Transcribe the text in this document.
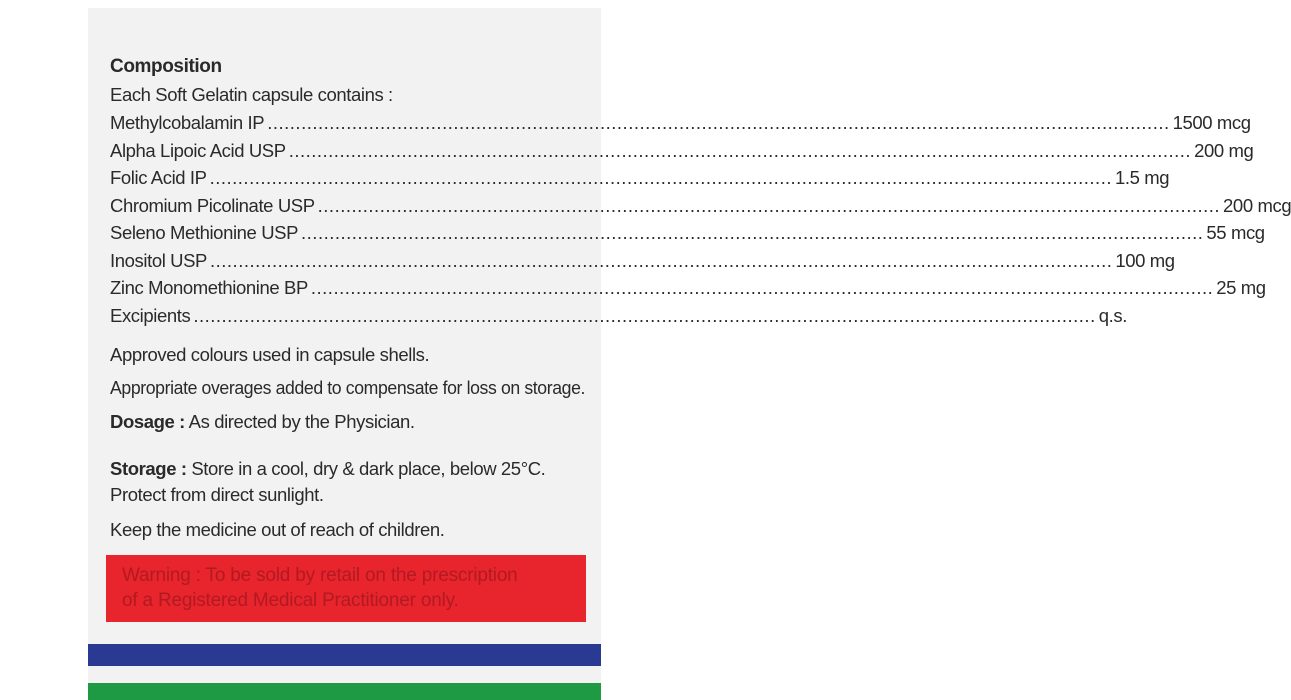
Composition
Each Soft Gelatin capsule contains :
Methylcobalamin IP ................................................................................................................................................................ 1500 mcg
Alpha Lipoic Acid USP ................................................................................................................................................................ 200 mg
Folic Acid IP ................................................................................................................................................................ 1.5 mg
Chromium Picolinate USP ................................................................................................................................................................ 200 mcg
Seleno Methionine USP ................................................................................................................................................................ 55 mcg
Inositol USP ................................................................................................................................................................ 100 mg
Zinc Monomethionine BP ................................................................................................................................................................ 25 mg
Excipients ................................................................................................................................................................ q.s.
Approved colours used in capsule shells.
Appropriate overages added to compensate for loss on storage.
Dosage : As directed by the Physician.
Storage : Store in a cool, dry & dark place, below 25°C.
Protect from direct sunlight.
Keep the medicine out of reach of children.
Warning : To be sold by retail on the prescription
of a Registered Medical Practitioner only.
